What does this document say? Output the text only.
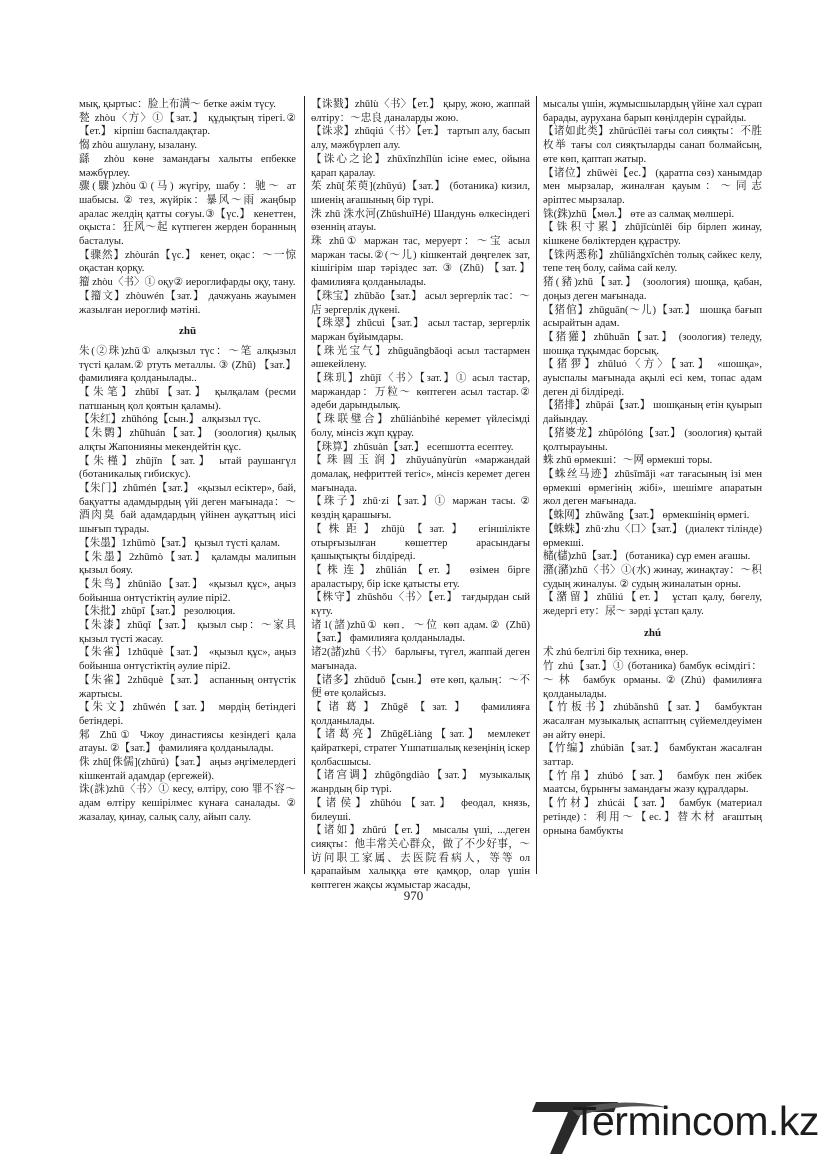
мық, қыртыс：脸上布满～ бетке әжім түсу.

甃 zhòu〈方〉①【зат.】 құдықтың тірегі.②【ет.】 кірпіш баспалдақтар.

㥮 zhòu ашулану, ызалану.

繇 zhòu көне замандағы халыты епбекке мәжбүрлеу.

骤(驟)zhòu①(马) жүгіру, шабу：驰～ ат шабысы. ② тез, жүйрік：暴风～雨 жаңбыр аралас желдің қатты соғуы.③【үс.】 кенеттен, оқыста：狂风～起 күтпеген жерден боранның басталуы.

【骤然】zhòurán【үс.】 кенет, оқас：～一惊 оқастан қорқу.

籀 zhòu〈书〉① оқу② иероглифарды оқу, тану.

【籀文】zhòuwén【зат.】 дачжуань жауымен жазылған иероглиф мәтіні.

zhū

朱(②珠)zhū① алқызыл түс：～笔 алқызыл түсті қалам.② ртуть металлы. ③ (Zhū) 【зат.】 фамилияға қолданылады..

【朱笔】zhūbǐ【зат.】 қылқалам (ресми патшаның қол қоятын қаламы).

【朱红】zhūhóng【сын.】 алқызыл түс.

【朱鹮】zhūhuán【зат.】 (зоология) қылық алқты Жапонияны мекендейтін құс.

【朱槿】zhūjǐn【зат.】 ытай раушангүл (ботаникалық гибискус).

【朱门】zhūmén【зат.】 «қызыл есіктер», бай, бақуатты адамдырдың үйі деген мағынада：～酒肉臭 бай адамдардың үйінен ауқаттың иісі шығып тұрады.

【朱墨】1zhūmò【зат.】 қызыл түсті қалам.

【朱墨】2zhūmò【зат.】 қаламды малипын қызыл бояу.

【朱鸟】zhūniǎo【зат.】 «қызыл құс», аңыз бойынша онтүстіктің әулие пірі2.

【朱批】zhūpī【зат.】 резолюция.

【朱漆】zhūqī【зат.】 қызыл сыр：～家具 қызыл түсті жасау.

【朱雀】1zhūquè【зат.】 «қызыл құс», аңыз бойынша онтүстіктің әулие пірі2.

【朱雀】2zhūquè【зат.】 аспанның онтүстік жартысы.

【朱文】zhūwén【зат.】 мөрдің бетіндегі бетіндері.

邾 Zhū① Чжоу династиясы кезіндегі қала атауы. ②【зат.】 фамилияға қолданылады.

侏 zhū[侏儒](zhūrú)【зат.】 аңыз әңгімелердегі кішкентай адамдар (ергежей).

诛(誅)zhū〈书〉① кесу, өлтіру, сою 罪不容～ адам өлтіру кешірілмес күнаға саналады. ② жазалау, қинау, салық салу, айып салу.

【诛戮】zhūlù〈书〉【ет.】 қыру, жою, жаппай өлтіру：～忠良 даналарды жою.

【诛求】zhūqiú〈书〉【ет.】 тартып алу, басып алу, мәжбүрлеп алу.

【诛心之论】zhūxīnzhīlùn iсіне емес, ойына қарап қаралау.

茱 zhū[茱萸](zhūyú)【зат.】 (ботаника) кизил, шиенің ағашының бір түрі.

洙 zhū 洙水河(ZhūshuǐHé) Шандунь өлкесіндегі өзеннің атауы.

珠 zhū① маржан тас, меруерт：～宝 асыл маржан тасы.②(～儿) кішкентай дөңгелек зат, кішігірім шар тәріздес зат. ③ (Zhū) 【зат.】 фамилияға қолданылады.

【珠宝】zhūbǎo【зат.】 асыл зергерлік тас：～店 зергерлік дүкені.

【珠翠】zhūcuì【зат.】 асыл тастар, зергерлік маржан бұйымдары.

【珠光宝气】zhūguāngbǎoqì асыл тастармен әшекейлену.

【珠玑】zhūjī〈书〉【зат.】① асыл тастар, маржандар：万粒～ көптеген асыл тастар.② әдеби дарындылық.

【珠联璧合】zhūliánbìhé керемет үйлесімді болу, мінсіз жұп құрау.

【珠算】zhūsuàn【зат.】 есепшотта есептеу.

【珠圆玉润】zhūyuányùrùn «маржандай домалақ, нефриттей тегіс», мінсіз керемет деген мағынада.

【珠子】zhū·zi【зат.】① маржан тасы. ② көздің қарашығы.

【株距】zhūjù【зат.】 егіншілікте отырғызылған көшеттер арасындағы қашықтықты білдіреді.

【株连】zhūlián【ет.】 өзімен бірге араластыру, бір іске қатысты ету.

【株守】zhūshǒu〈书〉【ет.】 тағдырдан сый күту.

诸1(諸)zhū① көп．～位 көп адам.② (Zhū)【зат.】 фамилияға қолданылады.

诸2(諸)zhū〈书〉 барлығы, түгел, жаппай деген мағынада.

【诸多】zhūduō【сын.】 өте көп, қалың：～不便 өте қолайсыз.

【诸葛】Zhūgě【зат.】 фамилияға қолданылады.

【诸葛亮】ZhūgěLiàng【зат.】 мемлекет қайраткері, стратег Үшпатшалық кезеңінің іскер қолбасшысы.

【诸宫调】zhūgōngdiào【зат.】 музыкалық жанрдың бір түрі.

【诸侯】zhūhóu【зат.】 феодал, князь, билеуші.

【诸如】zhūrú【ет.】 мысалы үші, ...деген сияқты：他丰常关心群众，做了不少好事，～访问职工家属、去医院看病人，等等 ол қарапайым халыққа өте қамқор, олар үшін көптеген жақсы жұмыстар жасады,

мысалы үшін, жұмысшылардың үйіне хал сұрап барады, аурухана барып көңілдерін сұрайды.

【诸如此类】zhūrúcǐlèi тағы сол сияқты：不胜枚举 тағы сол сияқтыларды санап болмайсың, өте көп, қаптап жатыр.

【诸位】zhūwèi【ес.】 (қаратпа сөз) ханымдар мен мырзалар, жиналған қауым：～同志 әріптес мырзалар.

铢(銖)zhū【мөл.】 өте аз салмақ мөлшері.

【铢积寸累】zhūjīcùnlěi бір бірлеп жинау, кішкене бөліктерден құрастру.

【铢两悉称】zhūliǎngxīchèn толық сәйкес келу, тепе тең болу, сайма сай келу.

猪(豬)zhū【зат.】 (зоология) шошқа, қабан, доңыз деген мағынада.

【猪倌】zhūguān(～儿)【зат.】 шошқа бағып асырайтын адам.

【猪獾】zhūhuān【зат.】 (зоология) теледу, шошқа тұқымдас борсық.

【猪猡】zhūluó〈方〉【зат.】 «шошқа», ауыспалы мағынада ақылі есі кем, топас адам деген ді білдіреді.

【猪排】zhūpái【зат.】 шошқаның етін қуырып дайындау.

【猪婆龙】zhūpólóng【зат.】 (зоология) қытай қолтырауыны.

蛛 zhū өрмекші：～网 өрмекші торы.

【蛛丝马迹】zhūsīmǎjì «ат тағасының ізі мен өрмекші өрмегінің жібі», шешімге апаратын жол деген мағынада.

【蛛网】zhūwǎng【зат.】 өрмекшінің өрмегі.

【蛛蛛】zhū·zhu〈口〉【зат.】 (диалект тілінде) өрмекші.

槠(櫧)zhū【зат.】 (ботаника) сұр емен ағашы.

潴(瀦)zhū〈书〉①(水) жинау, жинақтау：～积 судың жиналуы. ② судың жиналатын орны.

【潴留】zhūliú【ет.】 ұстап қалу, бөгелу, жедергі ету：尿～ зәрді ұстап қалу.

zhú

术 zhú белгілі бір техника, өнер.

竹 zhú【зат.】① (ботаника) бамбук өсімдігі：～林 бамбук орманы.②(Zhú) фамилияға қолданылады.

【竹板书】zhúbǎnshū【зат.】 бамбуктан жасалған музыкалық аспаптың сүйемелдеуімен ән айту өнері.

【竹编】zhúbiān【зат.】 бамбуктан жасалған заттар.

【竹帛】zhúbó【зат.】 бамбук пен жібек маатсы, бұрынғы замандағы жазу құралдары.

【竹材】zhúcái【зат.】 бамбук (материал ретінде)：利用～【ес.】替木材 ағаштың орнына бамбукты

970
Termincom.kz
